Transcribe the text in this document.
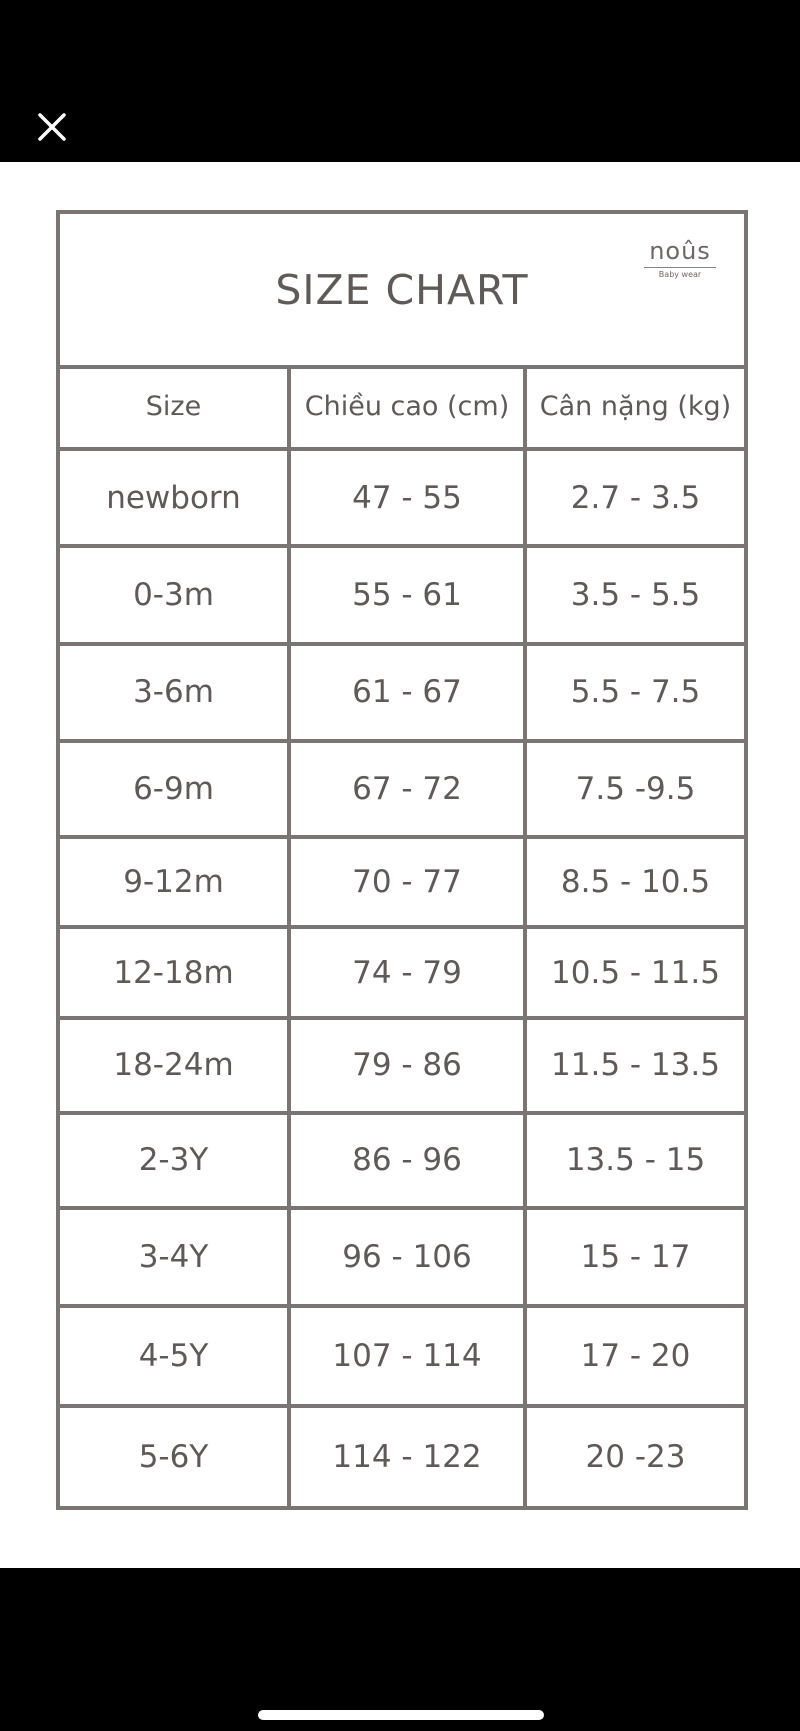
SIZE CHART
noûs
Baby wear
Size	Chiều cao (cm)	Cân nặng (kg)
newborn	47 - 55	2.7 - 3.5
0-3m	55 - 61	3.5 - 5.5
3-6m	61 - 67	5.5 - 7.5
6-9m	67 - 72	7.5 -9.5
9-12m	70 - 77	8.5 - 10.5
12-18m	74 - 79	10.5 - 11.5
18-24m	79 - 86	11.5 - 13.5
2-3Y	86 - 96	13.5 - 15
3-4Y	96 - 106	15 - 17
4-5Y	107 - 114	17 - 20
5-6Y	114 - 122	20 -23
